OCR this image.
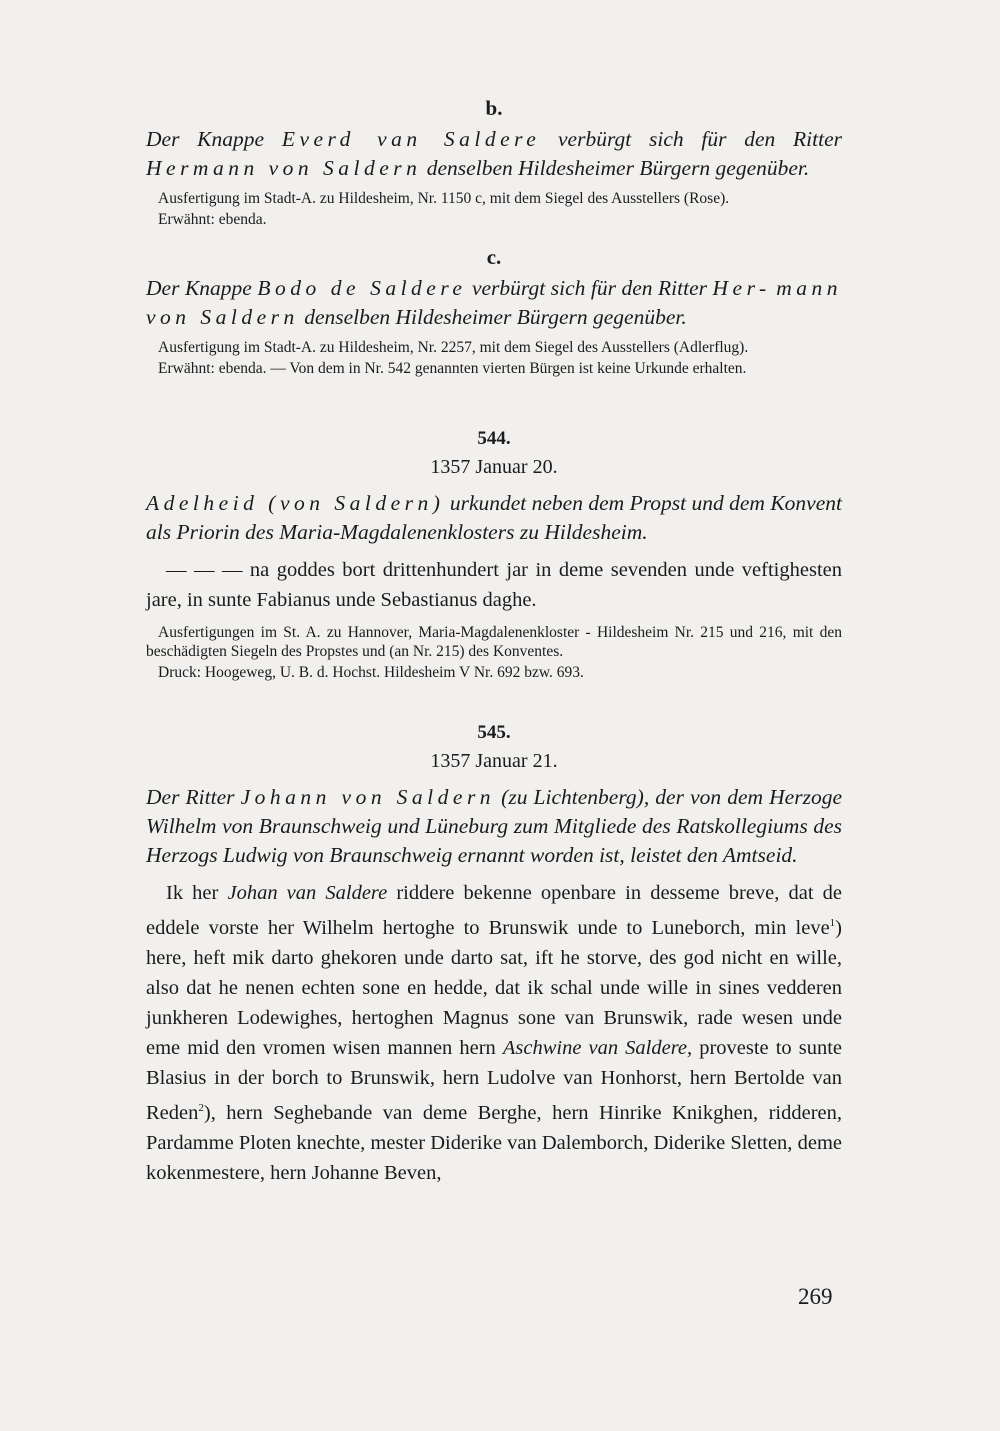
b.

Der Knappe Everd van Saldere verbürgt sich für den Ritter Hermann von Saldern denselben Hildesheimer Bürgern gegenüber.

Ausfertigung im Stadt-A. zu Hildesheim, Nr. 1150 c, mit dem Siegel des Ausstellers (Rose).

Erwähnt: ebenda.

c.

Der Knappe Bodo de Saldere verbürgt sich für den Ritter Her- mann von Saldern denselben Hildesheimer Bürgern gegenüber.

Ausfertigung im Stadt-A. zu Hildesheim, Nr. 2257, mit dem Siegel des Ausstellers (Adlerflug).

Erwähnt: ebenda. — Von dem in Nr. 542 genannten vierten Bürgen ist keine Urkunde erhalten.

544.
1357 Januar 20.

Adelheid (von Saldern) urkundet neben dem Propst und dem Konvent als Priorin des Maria-Magdalenenklosters zu Hildesheim.

— — — na goddes bort drittenhundert jar in deme sevenden unde veftighesten jare, in sunte Fabianus unde Sebastianus daghe.

Ausfertigungen im St. A. zu Hannover, Maria-Magdalenenkloster - Hildesheim Nr. 215 und 216, mit den beschädigten Siegeln des Propstes und (an Nr. 215) des Konventes.

Druck: Hoogeweg, U. B. d. Hochst. Hildesheim V Nr. 692 bzw. 693.

545.
1357 Januar 21.

Der Ritter Johann von Saldern (zu Lichtenberg), der von dem Herzoge Wilhelm von Braunschweig und Lüneburg zum Mitgliede des Ratskollegiums des Herzogs Ludwig von Braunschweig ernannt worden ist, leistet den Amtseid.

Ik her Johan van Saldere riddere bekenne openbare in desseme breve, dat de eddele vorste her Wilhelm hertoghe to Brunswik unde to Luneborch, min leve$^1$) here, heft mik darto ghekoren unde darto sat, ift he storve, des god nicht en wille, also dat he nenen echten sone en hedde, dat ik schal unde wille in sines vedderen junkheren Lodewighes, hertoghen Magnus sone van Brunswik, rade wesen unde eme mid den vromen wisen mannen hern Aschwine van Saldere, proveste to sunte Blasius in der borch to Brunswik, hern Ludolve van Honhorst, hern Bertolde van Reden$^2$), hern Seghebande van deme Berghe, hern Hinrike Knikghen, ridderen, Pardamme Ploten knechte, mester Diderike van Dalemborch, Diderike Sletten, deme kokenmestere, hern Johanne Beven,

269
